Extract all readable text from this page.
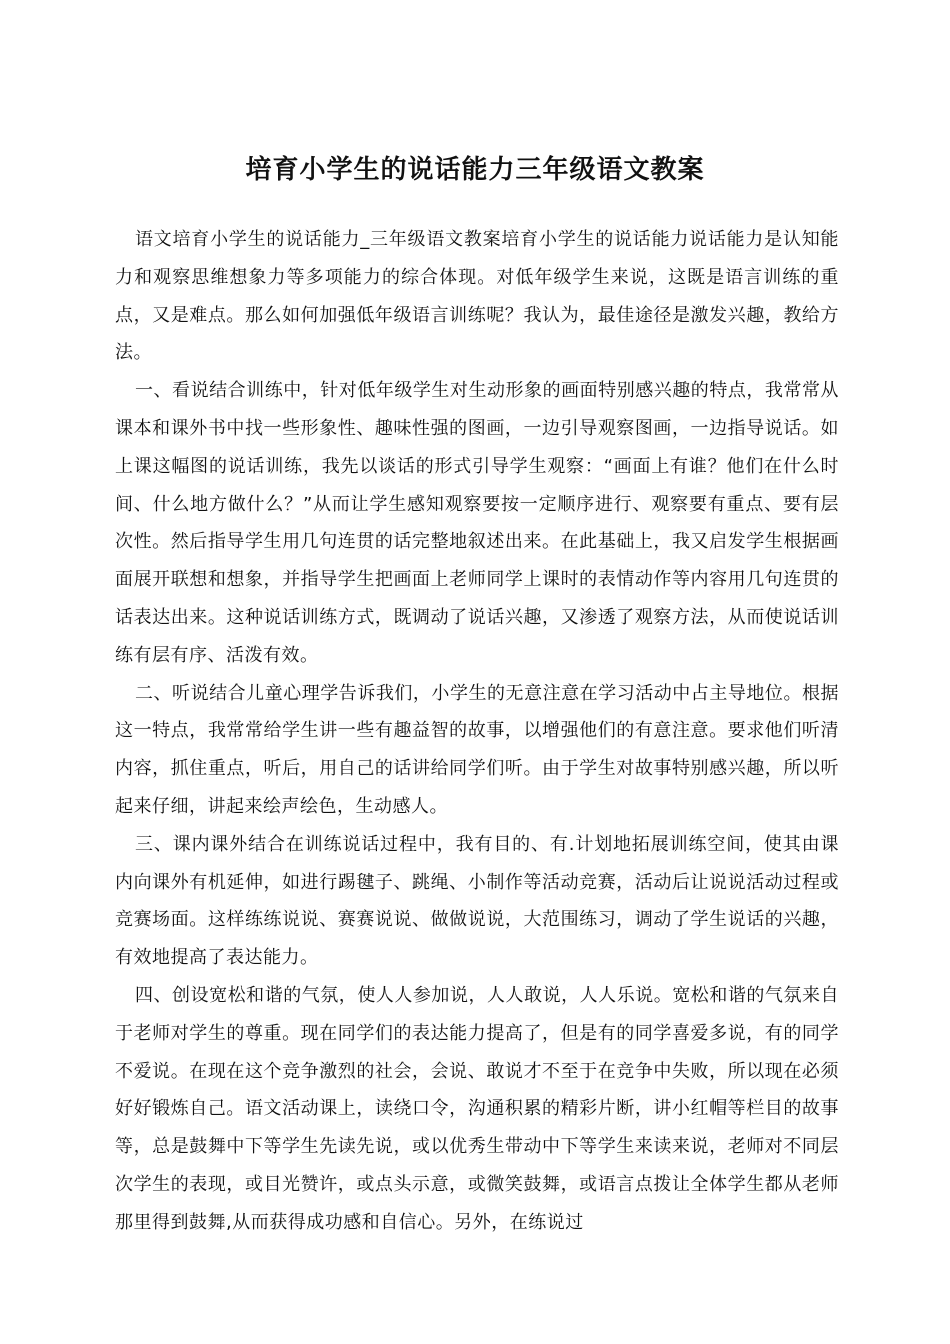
培育小学生的说话能力三年级语文教案

语文培育小学生的说话能力_三年级语文教案培育小学生的说话能力说话能力是认知能力和观察思维想象力等多项能力的综合体现。对低年级学生来说，这既是语言训练的重点，又是难点。那么如何加强低年级语言训练呢？我认为，最佳途径是激发兴趣，教给方法。

一、看说结合训练中，针对低年级学生对生动形象的画面特别感兴趣的特点，我常常从课本和课外书中找一些形象性、趣味性强的图画，一边引导观察图画，一边指导说话。如上课这幅图的说话训练，我先以谈话的形式引导学生观察：“画面上有谁？他们在什么时间、什么地方做什么？”从而让学生感知观察要按一定顺序进行、观察要有重点、要有层次性。然后指导学生用几句连贯的话完整地叙述出来。在此基础上，我又启发学生根据画面展开联想和想象，并指导学生把画面上老师同学上课时的表情动作等内容用几句连贯的话表达出来。这种说话训练方式，既调动了说话兴趣，又渗透了观察方法，从而使说话训练有层有序、活泼有效。

二、听说结合儿童心理学告诉我们，小学生的无意注意在学习活动中占主导地位。根据这一特点，我常常给学生讲一些有趣益智的故事，以增强他们的有意注意。要求他们听清内容，抓住重点，听后，用自己的话讲给同学们听。由于学生对故事特别感兴趣，所以听起来仔细，讲起来绘声绘色，生动感人。

三、课内课外结合在训练说话过程中，我有目的、有.计划地拓展训练空间，使其由课内向课外有机延伸，如进行踢毽子、跳绳、小制作等活动竞赛，活动后让说说活动过程或竞赛场面。这样练练说说、赛赛说说、做做说说，大范围练习，调动了学生说话的兴趣，有效地提高了表达能力。

四、创设宽松和谐的气氛，使人人参加说，人人敢说，人人乐说。宽松和谐的气氛来自于老师对学生的尊重。现在同学们的表达能力提高了，但是有的同学喜爱多说，有的同学不爱说。在现在这个竞争激烈的社会，会说、敢说才不至于在竞争中失败，所以现在必须好好锻炼自己。语文活动课上，读绕口令，沟通积累的精彩片断，讲小红帽等栏目的故事等，总是鼓舞中下等学生先读先说，或以优秀生带动中下等学生来读来说，老师对不同层次学生的表现，或目光赞许，或点头示意，或微笑鼓舞，或语言点拨让全体学生都从老师那里得到鼓舞,从而获得成功感和自信心。另外，在练说过
